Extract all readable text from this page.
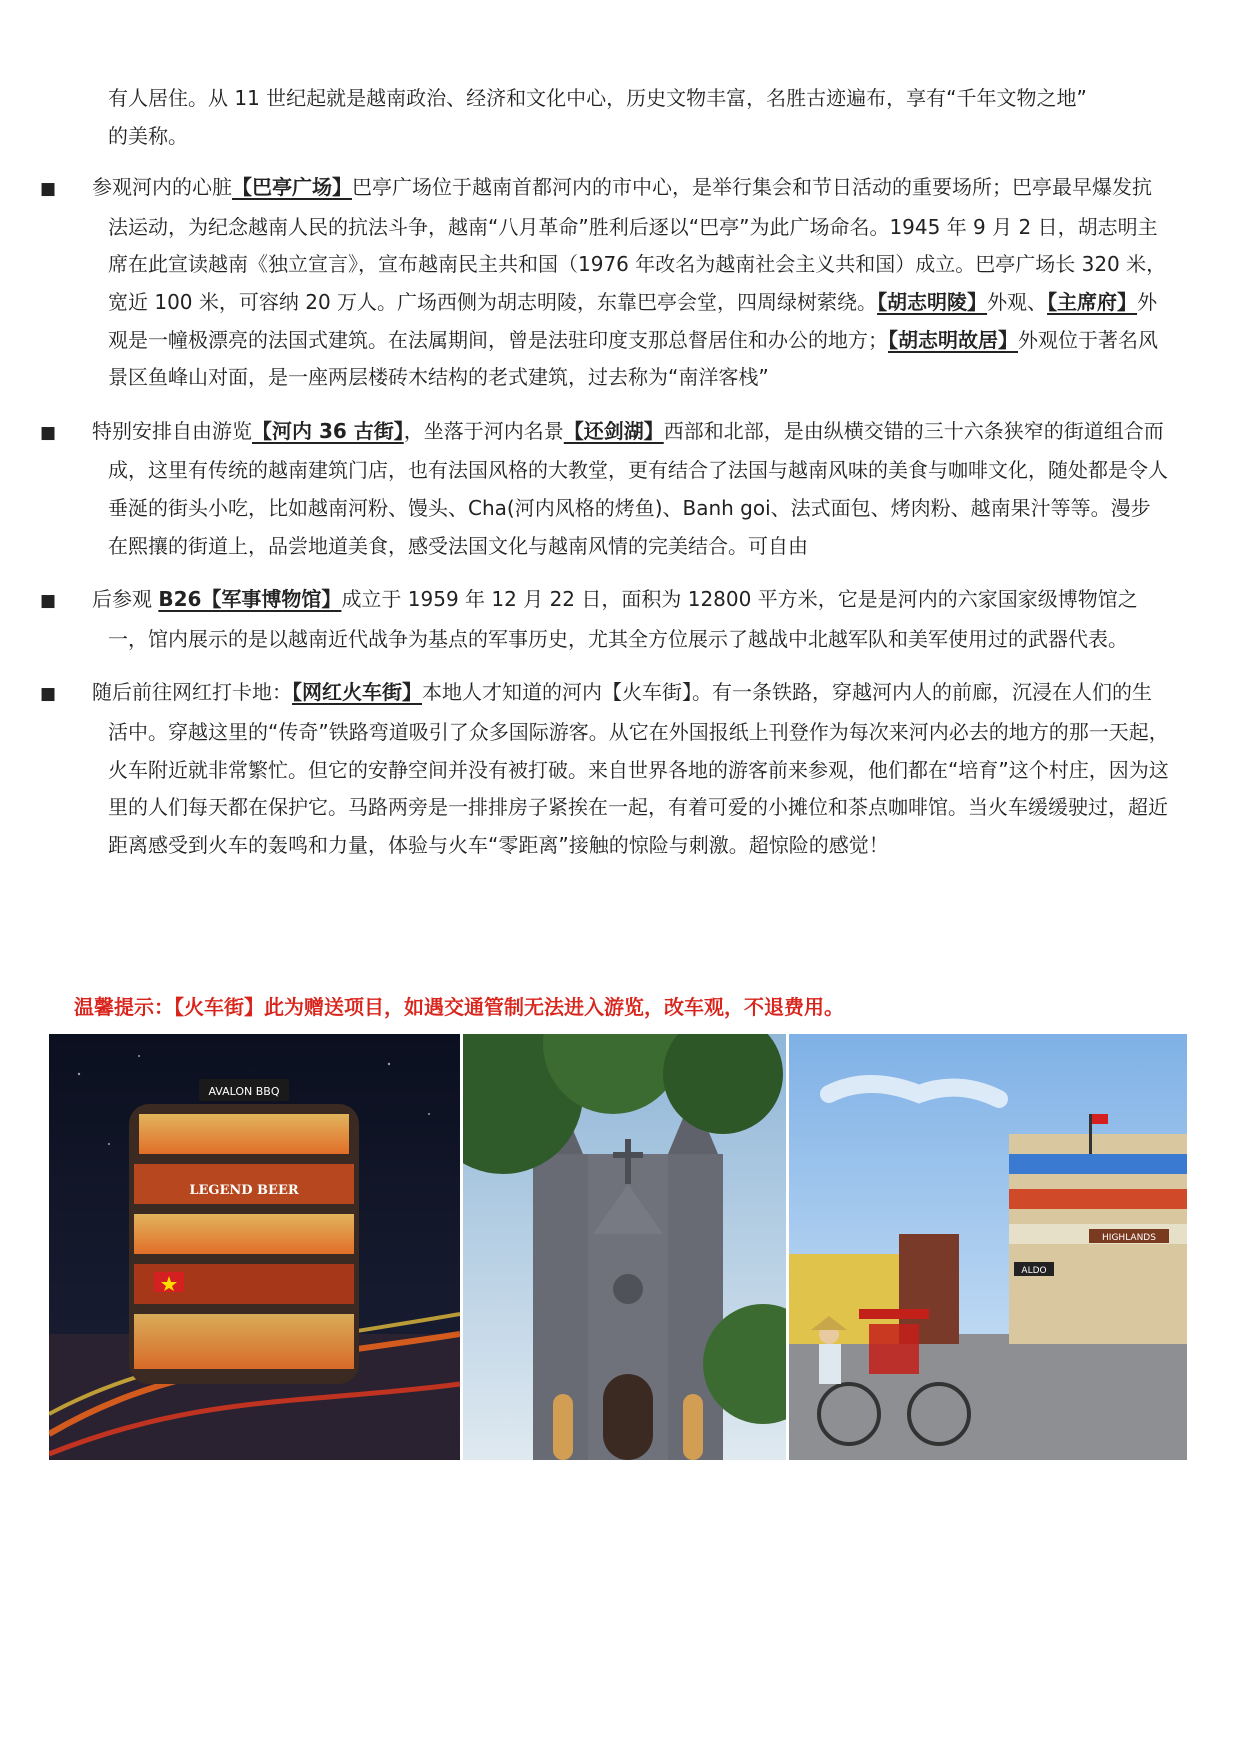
有人居住。从 11 世纪起就是越南政治、经济和文化中心，历史文物丰富，名胜古迹遍布，享有“千年文物之地”
的美称。

■ 参观河内的心脏【巴亭广场】巴亭广场位于越南首都河内的市中心，是举行集会和节日活动的重要场所；巴亭最早爆发抗法运动，为纪念越南人民的抗法斗争，越南“八月革命”胜利后逐以“巴亭”为此广场命名。1945 年 9 月 2 日，胡志明主席在此宣读越南《独立宣言》，宣布越南民主共和国（1976 年改名为越南社会主义共和国）成立。巴亭广场长 320 米，宽近 100 米，可容纳 20 万人。广场西侧为胡志明陵，东靠巴亭会堂，四周绿树萦绕。【胡志明陵】外观、【主席府】外观是一幢极漂亮的法国式建筑。在法属期间，曾是法驻印度支那总督居住和办公的地方；【胡志明故居】外观位于著名风景区鱼峰山对面，是一座两层楼砖木结构的老式建筑，过去称为“南洋客栈”

■ 特别安排自由游览【河内 36 古街】，坐落于河内名景【还剑湖】西部和北部，是由纵横交错的三十六条狭窄的街道组合而成，这里有传统的越南建筑门店，也有法国风格的大教堂，更有结合了法国与越南风味的美食与咖啡文化，随处都是令人垂涎的街头小吃，比如越南河粉、馒头、Cha(河内风格的烤鱼)、Banh goi、法式面包、烤肉粉、越南果汁等等。漫步在熙攘的街道上，品尝地道美食，感受法国文化与越南风情的完美结合。可自由

■ 后参观 B26【军事博物馆】成立于 1959 年 12 月 22 日，面积为 12800 平方米，它是是河内的六家国家级博物馆之一，馆内展示的是以越南近代战争为基点的军事历史，尤其全方位展示了越战中北越军队和美军使用过的武器代表。

■ 随后前往网红打卡地：【网红火车街】本地人才知道的河内【火车街】。有一条铁路，穿越河内人的前廊，沉浸在人们的生活中。穿越这里的“传奇”铁路弯道吸引了众多国际游客。从它在外国报纸上刊登作为每次来河内必去的地方的那一天起，火车附近就非常繁忙。但它的安静空间并没有被打破。来自世界各地的游客前来参观，他们都在“培育”这个村庄，因为这里的人们每天都在保护它。马路两旁是一排排房子紧挨在一起，有着可爱的小摊位和茶点咖啡馆。当火车缓缓驶过，超近距离感受到火车的轰鸣和力量，体验与火车“零距离”接触的惊险与刺激。超惊险的感觉！

温馨提示：【火车街】此为赠送项目，如遇交通管制无法进入游览，改车观，不退费用。
AVALON BBQ
LEGEND BEER
HIGHLANDS
ALDO
